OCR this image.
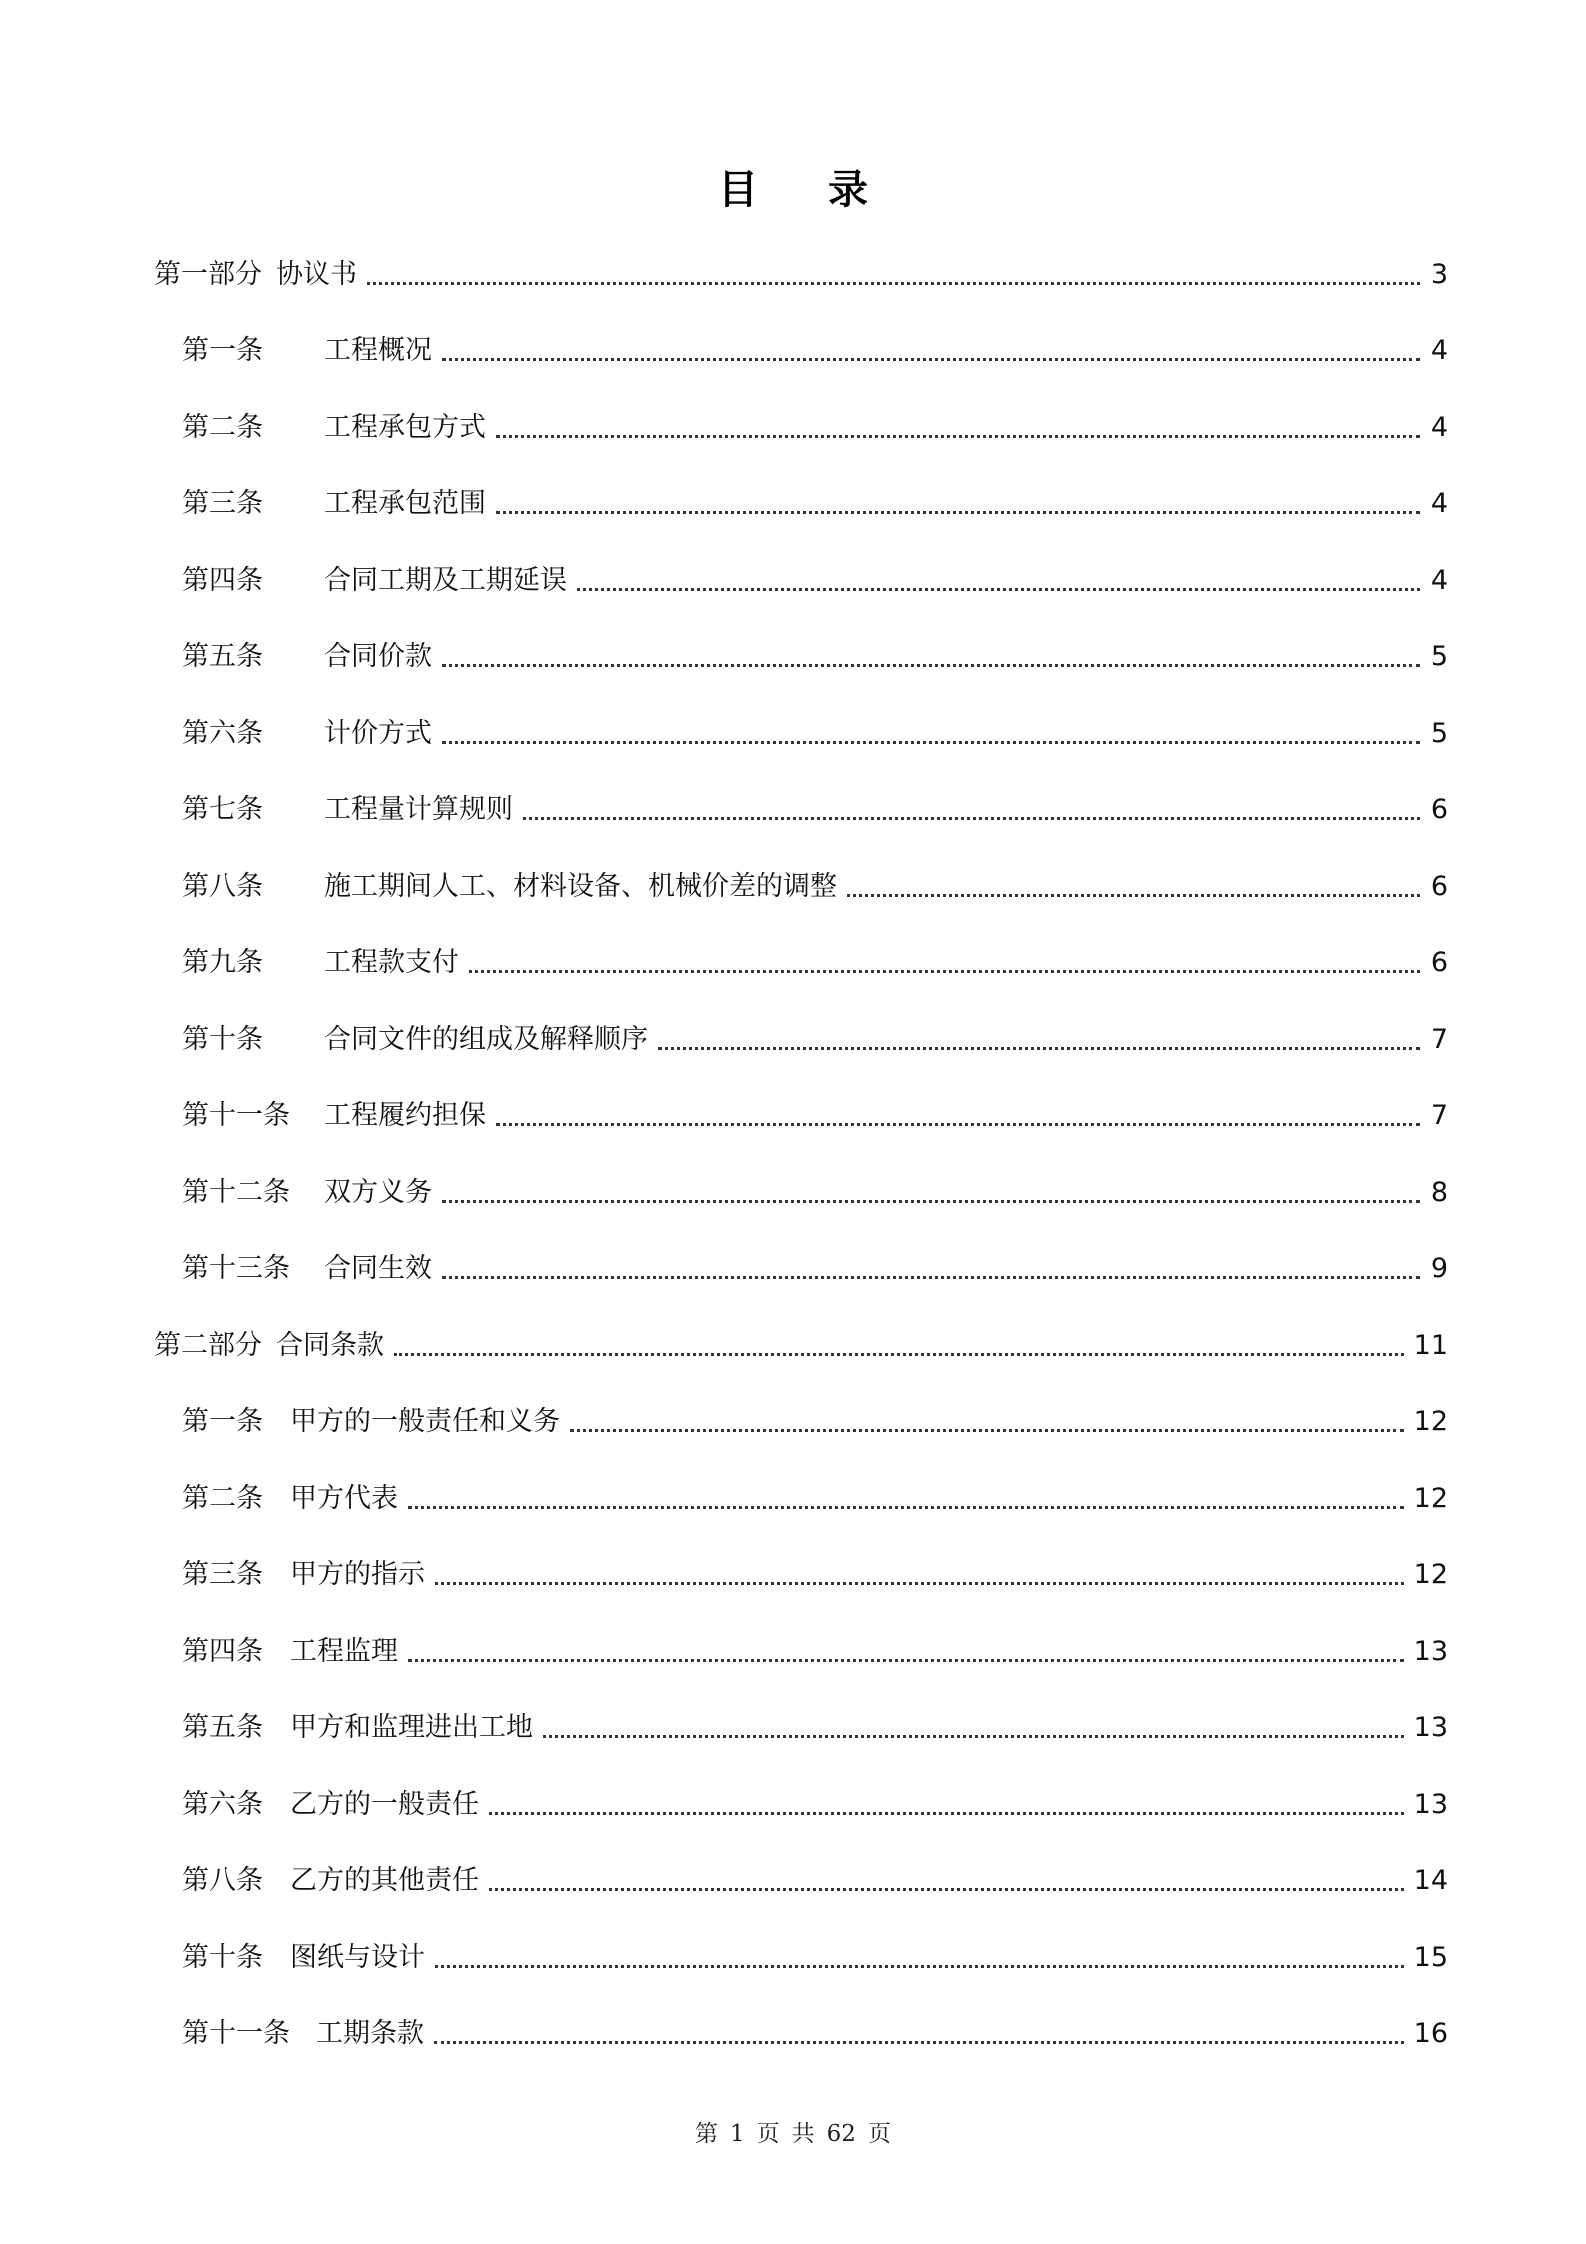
目 录
第一部分 协议书	3
第一条	工程概况	4
第二条	工程承包方式	4
第三条	工程承包范围	4
第四条	合同工期及工期延误	4
第五条	合同价款	5
第六条	计价方式	5
第七条	工程量计算规则	6
第八条	施工期间人工、材料设备、机械价差的调整	6
第九条	工程款支付	6
第十条	合同文件的组成及解释顺序	7
第十一条	工程履约担保	7
第十二条	双方义务	8
第十三条	合同生效	9
第二部分 合同条款	11
第一条	甲方的一般责任和义务	12
第二条	甲方代表	12
第三条	甲方的指示	12
第四条	工程监理	13
第五条	甲方和监理进出工地	13
第六条	乙方的一般责任	13
第八条	乙方的其他责任	14
第十条	图纸与设计	15
第十一条 工期条款	16
第 1 页 共 62 页
